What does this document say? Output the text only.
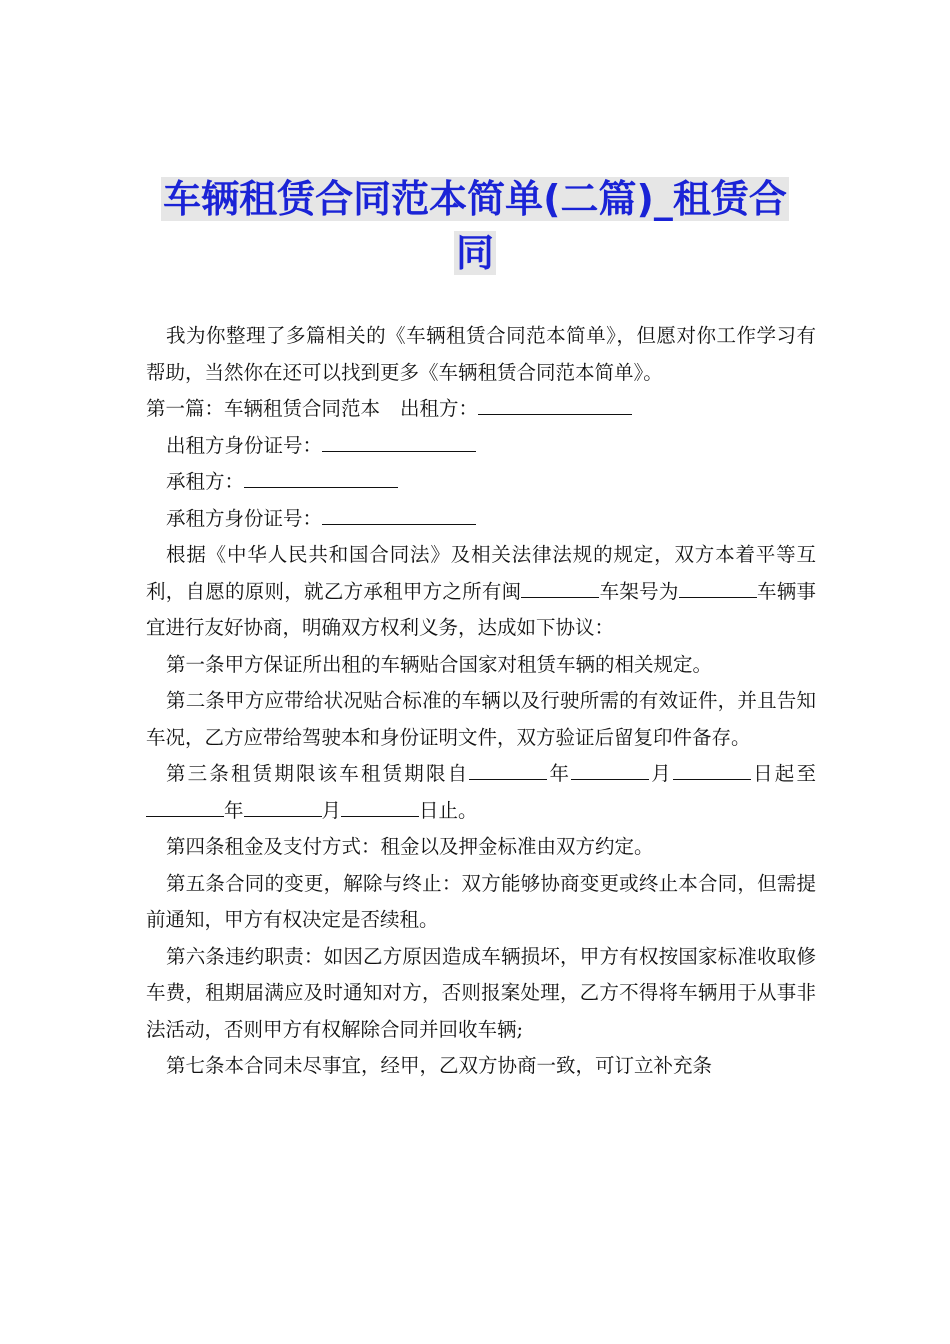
车辆租赁合同范本简单(二篇)_租赁合
同

我为你整理了多篇相关的《车辆租赁合同范本简单》，但愿对你工作学习有帮助，当然你在还可以找到更多《车辆租赁合同范本简单》。

第一篇：车辆租赁合同范本 出租方：

出租方身份证号：

承租方：

承租方身份证号：

根据《中华人民共和国合同法》及相关法律法规的规定，双方本着平等互利，自愿的原则，就乙方承租甲方之所有闽	车架号为	车辆事宜进行友好协商，明确双方权利义务，达成如下协议：

第一条甲方保证所出租的车辆贴合国家对租赁车辆的相关规定。

第二条甲方应带给状况贴合标准的车辆以及行驶所需的有效证件，并且告知车况，乙方应带给驾驶本和身份证明文件，双方验证后留复印件备存。

第三条租赁期限该车租赁期限自	年	月	日起至年	月	日止。

第四条租金及支付方式：租金以及押金标准由双方约定。

第五条合同的变更，解除与终止：双方能够协商变更或终止本合同，但需提前通知，甲方有权决定是否续租。

第六条违约职责：如因乙方原因造成车辆损坏，甲方有权按国家标准收取修车费，租期届满应及时通知对方，否则报案处理，乙方不得将车辆用于从事非法活动，否则甲方有权解除合同并回收车辆;

第七条本合同未尽事宜，经甲，乙双方协商一致，可订立补充条
